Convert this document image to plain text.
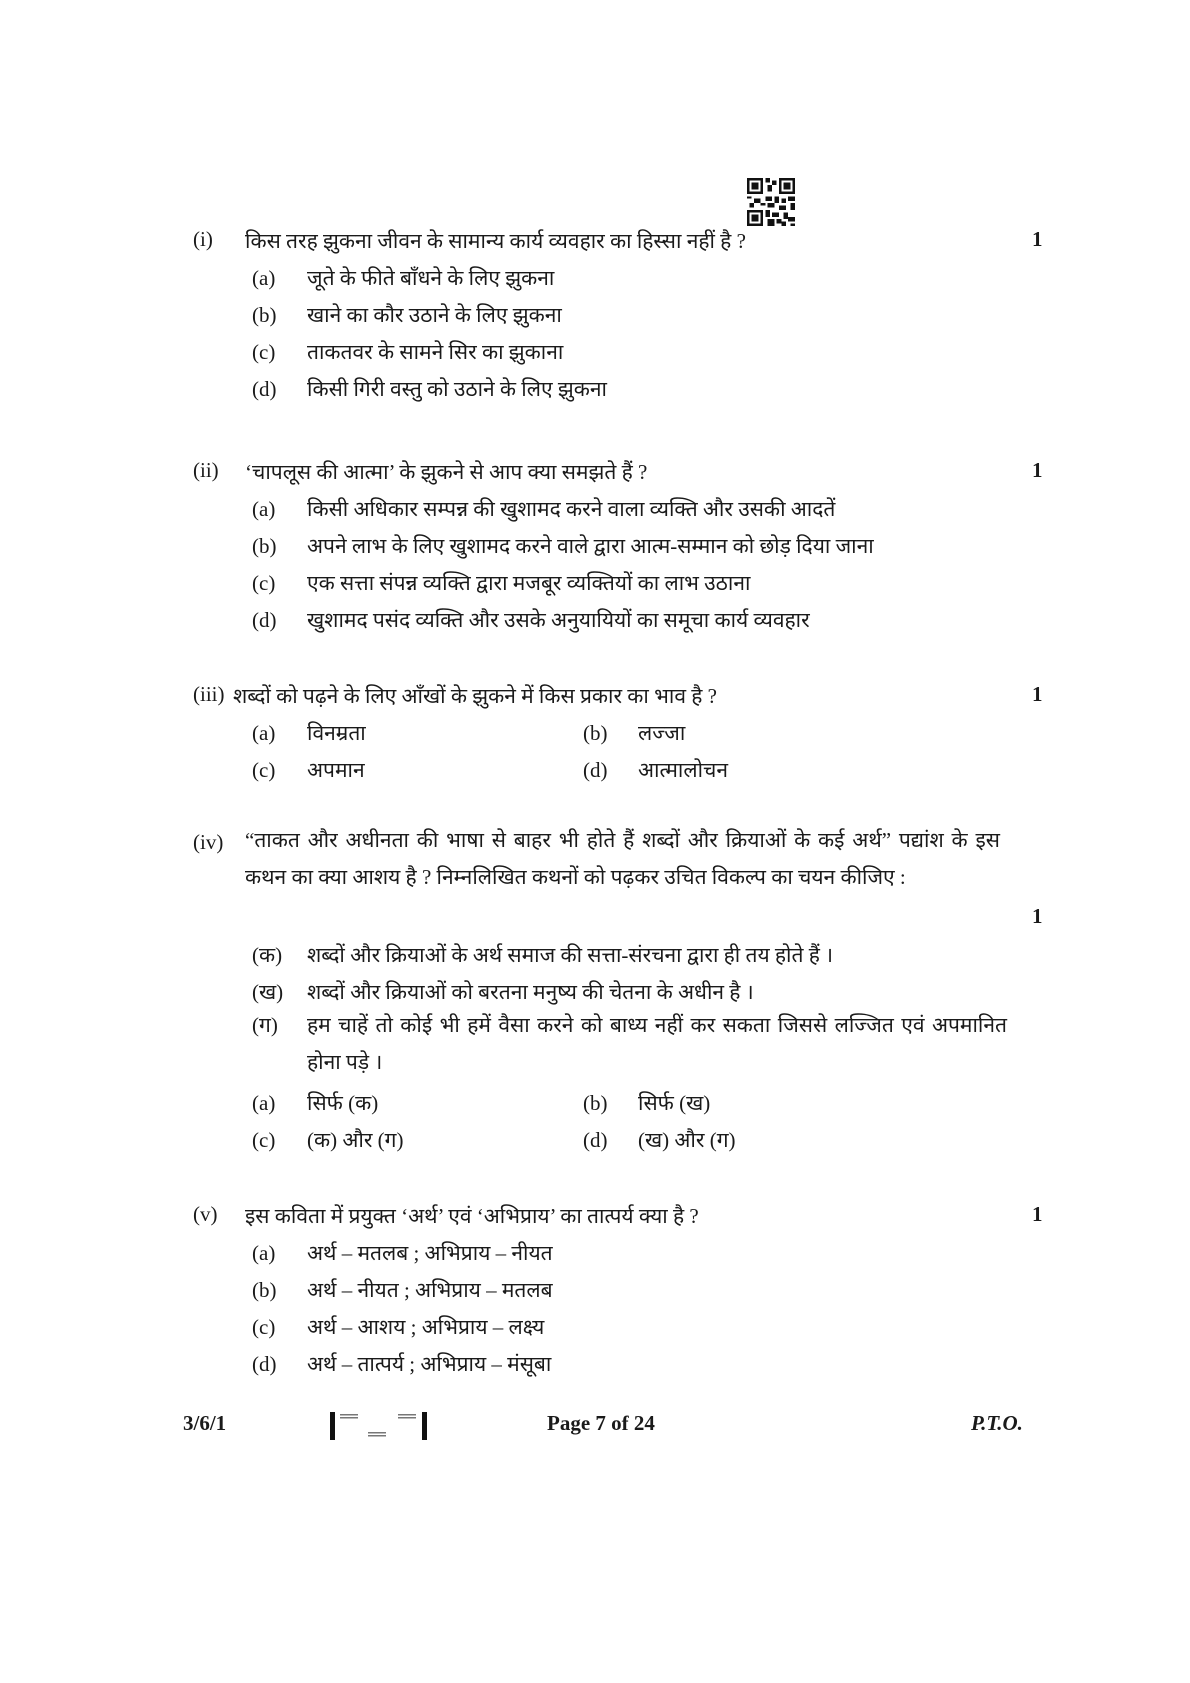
(i) किस तरह झुकना जीवन के सामान्य कार्य व्यवहार का हिस्सा नहीं है ?	1
(a) जूते के फीते बाँधने के लिए झुकना
(b) खाने का कौर उठाने के लिए झुकना
(c) ताकतवर के सामने सिर का झुकाना
(d) किसी गिरी वस्तु को उठाने के लिए झुकना
(ii) ‘चापलूस की आत्मा’ के झुकने से आप क्या समझते हैं ?	1
(a) किसी अधिकार सम्पन्न की खुशामद करने वाला व्यक्ति और उसकी आदतें
(b) अपने लाभ के लिए खुशामद करने वाले द्वारा आत्म-सम्मान को छोड़ दिया जाना
(c) एक सत्ता संपन्न व्यक्ति द्वारा मजबूर व्यक्तियों का लाभ उठाना
(d) खुशामद पसंद व्यक्ति और उसके अनुयायियों का समूचा कार्य व्यवहार
(iii) शब्दों को पढ़ने के लिए आँखों के झुकने में किस प्रकार का भाव है ?	1
(a) विनम्रता	(b) लज्जा
(c) अपमान	(d) आत्मालोचन
(iv) “ताकत और अधीनता की भाषा से बाहर भी होते हैं शब्दों और क्रियाओं के कई अर्थ” पद्यांश के इस कथन का क्या आशय है ? निम्नलिखित कथनों को पढ़कर उचित विकल्प का चयन कीजिए :
1
(क) शब्दों और क्रियाओं के अर्थ समाज की सत्ता-संरचना द्वारा ही तय होते हैं ।
(ख) शब्दों और क्रियाओं को बरतना मनुष्य की चेतना के अधीन है ।
(ग)	हम चाहें तो कोई भी हमें वैसा करने को बाध्य नहीं कर सकता जिससे लज्जित एवं अपमानित होना पड़े ।
(a) सिर्फ (क)	(b) सिर्फ (ख)
(c) (क) और (ग)	(d) (ख) और (ग)
(v) इस कविता में प्रयुक्त ‘अर्थ’ एवं ‘अभिप्राय’ का तात्पर्य क्या है ?	1
(a) अर्थ – मतलब ; अभिप्राय – नीयत
(b) अर्थ – नीयत ; अभिप्राय – मतलब
(c) अर्थ – आशय ; अभिप्राय – लक्ष्य
(d) अर्थ – तात्पर्य ; अभिप्राय – मंसूबा
3/6/1	Page 7 of 24	P.T.O.
